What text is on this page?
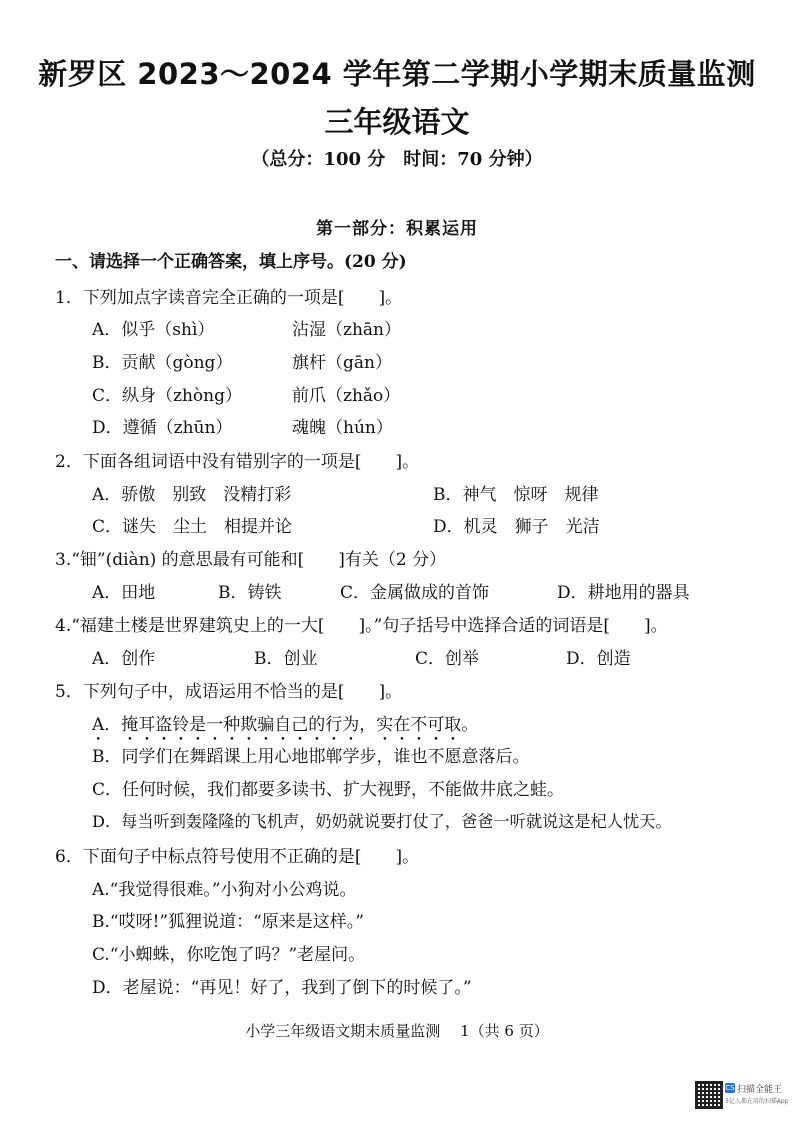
新罗区 2023～2024 学年第二学期小学期末质量监测
三年级语文
（总分：100 分　时间：70 分钟）
第一部分：积累运用
一、请选择一个正确答案，填上序号。(20 分)
1．下列加点字读音完全正确的一项是[　　]。
A．似乎（shì）	沾湿（zhān）
B．贡献（gòng）	旗杆（gān）
C．纵身（zhòng）	前爪（zhǎo）
D．遵循（zhūn）	魂魄（hún）
2．下面各组词语中没有错别字的一项是[　　]。
A．骄傲　别致　没精打彩	B．神气　惊呀　规律
C．谜失　尘土　相提并论	D．机灵　狮子　光洁
3.“钿”(diàn) 的意思最有可能和[　　]有关（2 分）
A．田地	B．铸铁	C．金属做成的首饰	D．耕地用的器具
4.“福建土楼是世界建筑史上的一大[　　]。”句子括号中选择合适的词语是[　　]。
A．创作	B．创业	C．创举	D．创造
5．下列句子中，成语运用不恰当的是[　　]。
A．掩耳盗铃是一种欺骗自己的行为，实在不可取。
B．同学们在舞蹈课上用心地邯郸学步，谁也不愿意落后。
C．任何时候，我们都要多读书、扩大视野，不能做井底之蛙。
D．每当听到轰隆隆的飞机声，奶奶就说要打仗了，爸爸一听就说这是杞人忧天。
6．下面句子中标点符号使用不正确的是[　　]。
A.“我觉得很难。”小狗对小公鸡说。
B.“哎呀!”狐狸说道：“原来是这样。”
C.“小蜘蛛，你吃饱了吗？”老屋问。
D．老屋说：“再见！好了，我到了倒下的时候了。”
小学三年级语文期末质量监测　 1（共 6 页）
CS 扫描全能王
3亿人都在用的扫描App
